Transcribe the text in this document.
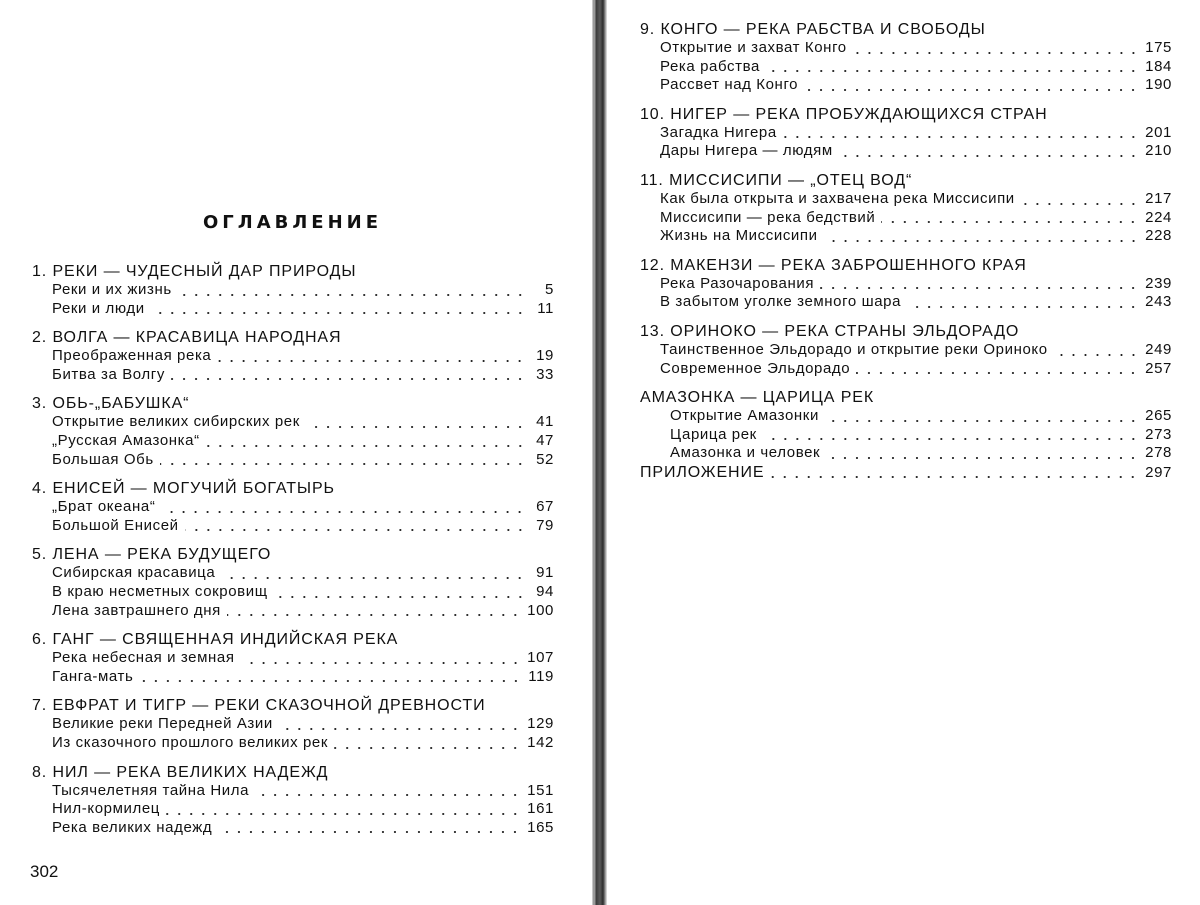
ОГЛАВЛЕНИЕ
1. РЕКИ — ЧУДЕСНЫЙ ДАР ПРИРОДЫ
Реки и их жизнь	5
Реки и люди	11
2. ВОЛГА — КРАСАВИЦА НАРОДНАЯ
Преображенная река	19
Битва за Волгу	33
3. ОБЬ-„БАБУШКА“
Открытие великих сибирских рек	41
„Русская Амазонка“	47
Большая Обь	52
4. ЕНИСЕЙ — МОГУЧИЙ БОГАТЫРЬ
„Брат океана“	67
Большой Енисей	79
5. ЛЕНА — РЕКА БУДУЩЕГО
Сибирская красавица	91
В краю несметных сокровищ	94
Лена завтрашнего дня	100
6. ГАНГ — СВЯЩЕННАЯ ИНДИЙСКАЯ РЕКА
Река небесная и земная	107
Ганга-мать	119
7. ЕВФРАТ И ТИГР — РЕКИ СКАЗОЧНОЙ ДРЕВНОСТИ
Великие реки Передней Азии	129
Из сказочного прошлого великих рек	142
8. НИЛ — РЕКА ВЕЛИКИХ НАДЕЖД
Тысячелетняя тайна Нила	151
Нил-кормилец	161
Река великих надежд	165
302
9. КОНГО — РЕКА РАБСТВА И СВОБОДЫ
Открытие и захват Конго	175
Река рабства	184
Рассвет над Конго	190
10. НИГЕР — РЕКА ПРОБУЖДАЮЩИХСЯ СТРАН
Загадка Нигера	201
Дары Нигера — людям	210
11. МИССИСИПИ — „ОТЕЦ ВОД“
Как была открыта и захвачена река Миссисипи	217
Миссисипи — река бедствий	224
Жизнь на Миссисипи	228
12. МАКЕНЗИ — РЕКА ЗАБРОШЕННОГО КРАЯ
Река Разочарования	239
В забытом уголке земного шара	243
13. ОРИНОКО — РЕКА СТРАНЫ ЭЛЬДОРАДО
Таинственное Эльдорадо и открытие реки Ориноко	249
Современное Эльдорадо	257
АМАЗОНКА — ЦАРИЦА РЕК
Открытие Амазонки	265
Царица рек	273
Амазонка и человек	278
ПРИЛОЖЕНИЕ	297
